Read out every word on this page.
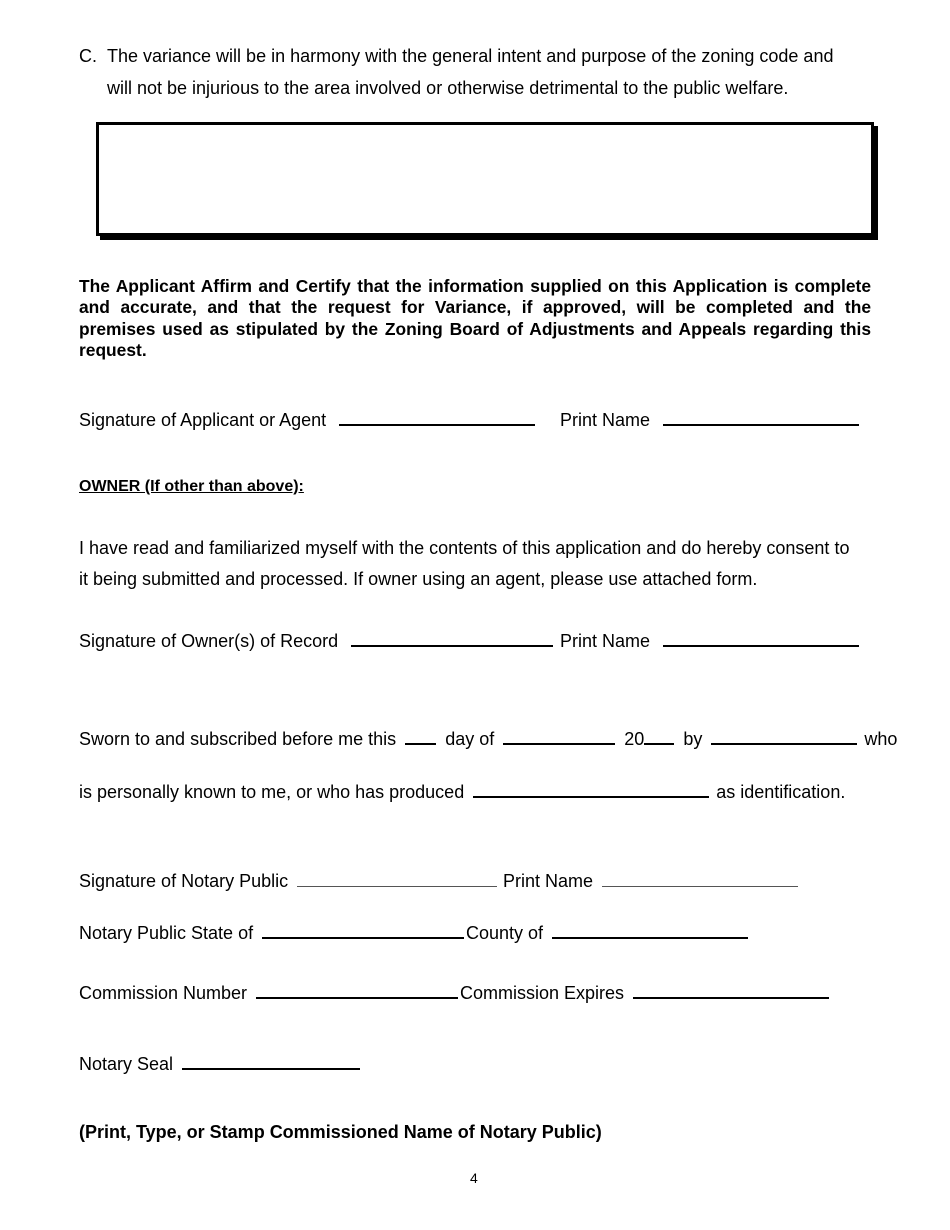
C. The variance will be in harmony with the general intent and purpose of the zoning code and
will not be injurious to the area involved or otherwise detrimental to the public welfare.
The Applicant Affirm and Certify that the information supplied on this Application is complete and accurate, and that the request for Variance, if approved, will be completed and the premises used as stipulated by the Zoning Board of Adjustments and Appeals regarding this request.
Signature of Applicant or Agent	Print Name
OWNER (If other than above):
I have read and familiarized myself with the contents of this application and do hereby consent to
it being submitted and processed. If owner using an agent, please use attached form.
Signature of Owner(s) of Record	Print Name
Sworn to and subscribed before me this	day of	20 by	who
is personally known to me, or who has produced	as identification.
Signature of Notary Public	Print Name
Notary Public State of	County of
Commission Number	Commission Expires
Notary Seal
(Print, Type, or Stamp Commissioned Name of Notary Public)
4
